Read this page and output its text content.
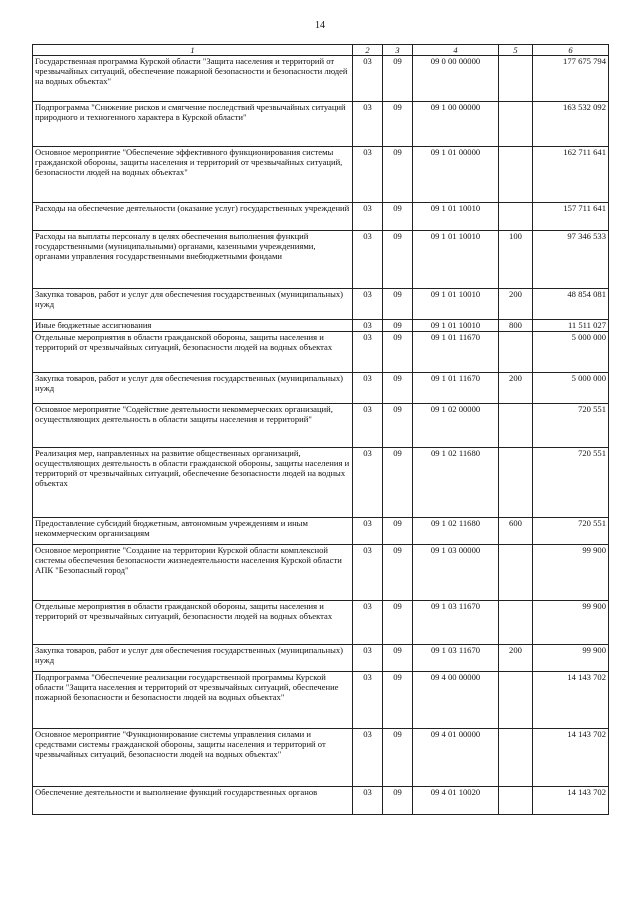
14
1	2	3	4	5	6
Государственная программа Курской области "Защита населения и территорий от чрезвычайных ситуаций, обеспечение пожарной безопасности и безопасности людей на водных объектах"	03	09	09 0 00 00000		177 675 794
Подпрограмма "Снижение рисков и смягчение последствий чрезвычайных ситуаций природного и техногенного характера в Курской области"	03	09	09 1 00 00000		163 532 092
Основное мероприятие "Обеспечение эффективного функционирования системы гражданской обороны, защиты населения и территорий от чрезвычайных ситуаций, безопасности людей на водных объектах"	03	09	09 1 01 00000		162 711 641
Расходы на обеспечение деятельности (оказание услуг) государственных учреждений	03	09	09 1 01 10010		157 711 641
Расходы на выплаты персоналу в целях обеспечения выполнения функций государственными (муниципальными) органами, казенными учреждениями, органами управления государственными внебюджетными фондами	03	09	09 1 01 10010	100	97 346 533
Закупка товаров, работ и услуг для обеспечения государственных (муниципальных) нужд	03	09	09 1 01 10010	200	48 854 081
Иные бюджетные ассигнования	03	09	09 1 01 10010	800	11 511 027
Отдельные мероприятия в области гражданской обороны, защиты населения и территорий от чрезвычайных ситуаций, безопасности людей на водных объектах	03	09	09 1 01 11670		5 000 000
Закупка товаров, работ и услуг для обеспечения государственных (муниципальных) нужд	03	09	09 1 01 11670	200	5 000 000
Основное мероприятие "Содействие деятельности некоммерческих организаций, осуществляющих деятельность в области защиты населения и территорий"	03	09	09 1 02 00000		720 551
Реализация мер, направленных на развитие общественных организаций, осуществляющих деятельность в области гражданской обороны, защиты населения и территорий от чрезвычайных ситуаций, обеспечение безопасности людей на водных объектах	03	09	09 1 02 11680		720 551
Предоставление субсидий бюджетным, автономным учреждениям и иным некоммерческим организациям	03	09	09 1 02 11680	600	720 551
Основное мероприятие "Создание на территории Курской области комплексной системы обеспечения безопасности жизнедеятельности населения Курской области АПК "Безопасный город"	03	09	09 1 03 00000		99 900
Отдельные мероприятия в области гражданской обороны, защиты населения и территорий от чрезвычайных ситуаций, безопасности людей на водных объектах	03	09	09 1 03 11670		99 900
Закупка товаров, работ и услуг для обеспечения государственных (муниципальных) нужд	03	09	09 1 03 11670	200	99 900
Подпрограмма "Обеспечение реализации государственной программы Курской области "Защита населения и территорий от чрезвычайных ситуаций, обеспечение пожарной безопасности и безопасности людей на водных объектах"	03	09	09 4 00 00000		14 143 702
Основное мероприятие "Функционирование системы управления силами и средствами системы гражданской обороны, защиты населения и территорий от чрезвычайных ситуаций, безопасности людей на водных объектах"	03	09	09 4 01 00000		14 143 702
Обеспечение деятельности и выполнение функций государственных органов	03	09	09 4 01 10020		14 143 702
